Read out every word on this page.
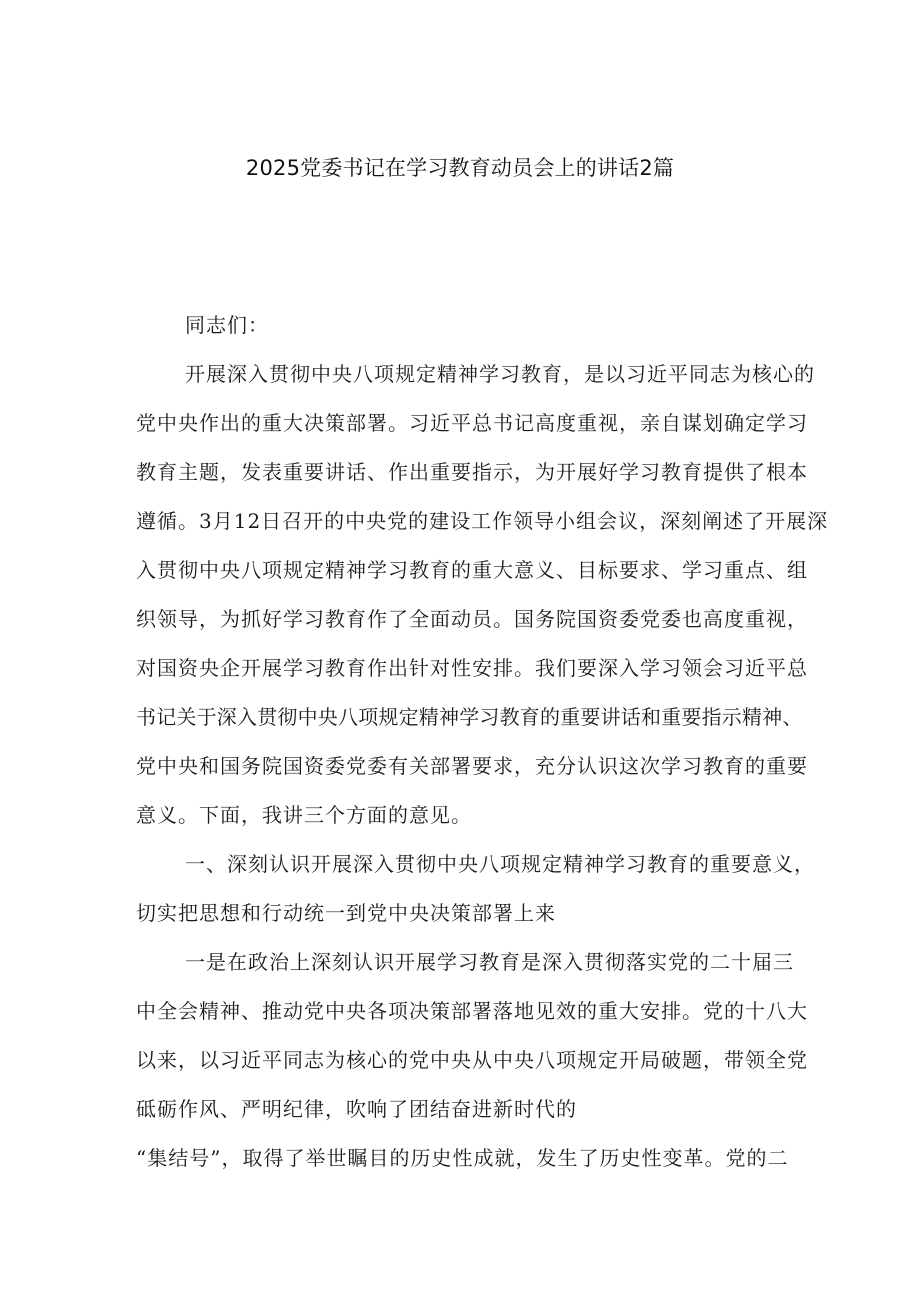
2025党委书记在学习教育动员会上的讲话2篇
同志们：
开展深入贯彻中央八项规定精神学习教育，是以习近平同志为核心的
党中央作出的重大决策部署。习近平总书记高度重视，亲自谋划确定学习
教育主题，发表重要讲话、作出重要指示，为开展好学习教育提供了根本
遵循。3月12日召开的中央党的建设工作领导小组会议，深刻阐述了开展深
入贯彻中央八项规定精神学习教育的重大意义、目标要求、学习重点、组
织领导，为抓好学习教育作了全面动员。国务院国资委党委也高度重视，
对国资央企开展学习教育作出针对性安排。我们要深入学习领会习近平总
书记关于深入贯彻中央八项规定精神学习教育的重要讲话和重要指示精神、
党中央和国务院国资委党委有关部署要求，充分认识这次学习教育的重要
意义。下面，我讲三个方面的意见。
一、深刻认识开展深入贯彻中央八项规定精神学习教育的重要意义，
切实把思想和行动统一到党中央决策部署上来
一是在政治上深刻认识开展学习教育是深入贯彻落实党的二十届三
中全会精神、推动党中央各项决策部署落地见效的重大安排。党的十八大
以来，以习近平同志为核心的党中央从中央八项规定开局破题，带领全党
砥砺作风、严明纪律，吹响了团结奋进新时代的
“集结号”，取得了举世瞩目的历史性成就，发生了历史性变革。党的二
